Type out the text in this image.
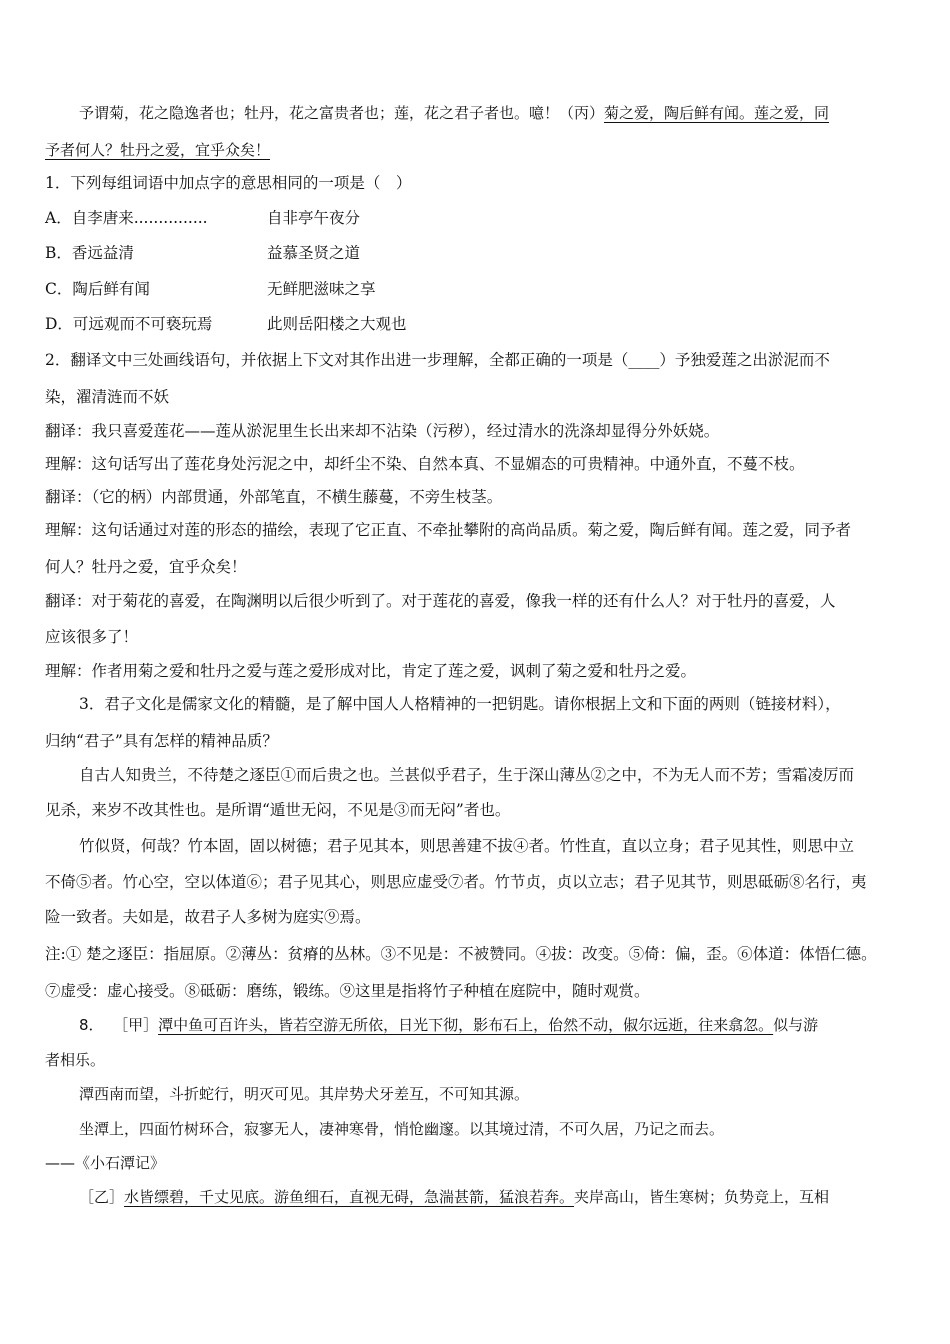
予谓菊，花之隐逸者也；牡丹，花之富贵者也；莲，花之君子者也。噫！（丙）菊之爱，陶后鲜有闻。莲之爱，同
予者何人？牡丹之爱，宜乎众矣！
1．下列每组词语中加点字的意思相同的一项是（　）
A．自李唐来...............	自非亭午夜分
B．香远益清	益慕圣贤之道
C．陶后鲜有闻	无鲜肥滋味之享
D．可远观而不可亵玩焉	此则岳阳楼之大观也
2．翻译文中三处画线语句，并依据上下文对其作出进一步理解，全都正确的一项是（____）予独爱莲之出淤泥而不
染，濯清涟而不妖
翻译：我只喜爱莲花——莲从淤泥里生长出来却不沾染（污秽），经过清水的洗涤却显得分外妖娆。
理解：这句话写出了莲花身处污泥之中，却纤尘不染、自然本真、不显媚态的可贵精神。中通外直，不蔓不枝。
翻译：（它的柄）内部贯通，外部笔直，不横生藤蔓，不旁生枝茎。
理解：这句话通过对莲的形态的描绘，表现了它正直、不牵扯攀附的高尚品质。菊之爱，陶后鲜有闻。莲之爱，同予者
何人？牡丹之爱，宜乎众矣！
翻译：对于菊花的喜爱，在陶渊明以后很少听到了。对于莲花的喜爱，像我一样的还有什么人？对于牡丹的喜爱，人
应该很多了！
理解：作者用菊之爱和牡丹之爱与莲之爱形成对比，肯定了莲之爱，讽刺了菊之爱和牡丹之爱。
3．君子文化是儒家文化的精髓，是了解中国人人格精神的一把钥匙。请你根据上文和下面的两则（链接材料），
归纳“君子”具有怎样的精神品质？
自古人知贵兰，不待楚之逐臣①而后贵之也。兰甚似乎君子，生于深山薄丛②之中，不为无人而不芳；雪霜凌厉而
见杀，来岁不改其性也。是所谓“遁世无闷，不见是③而无闷”者也。
竹似贤，何哉？竹本固，固以树德；君子见其本，则思善建不拔④者。竹性直，直以立身；君子见其性，则思中立
不倚⑤者。竹心空，空以体道⑥；君子见其心，则思应虚受⑦者。竹节贞，贞以立志；君子见其节，则思砥砺⑧名行，夷
险一致者。夫如是，故君子人多树为庭实⑨焉。
注:① 楚之逐臣：指屈原。②薄丛：贫瘠的丛林。③不见是：不被赞同。④拔：改变。⑤倚：偏，歪。⑥体道：体悟仁德。
⑦虚受：虚心接受。⑧砥砺：磨练，锻练。⑨这里是指将竹子种植在庭院中，随时观赏。
8． ［甲］潭中鱼可百许头，皆若空游无所依，日光下彻，影布石上，佁然不动，俶尔远逝，往来翕忽。似与游
者相乐。
潭西南而望，斗折蛇行，明灭可见。其岸势犬牙差互，不可知其源。
坐潭上，四面竹树环合，寂寥无人，凄神寒骨，悄怆幽邃。以其境过清，不可久居，乃记之而去。
——《小石潭记》
［乙］水皆缥碧，千丈见底。游鱼细石，直视无碍，急湍甚箭，猛浪若奔。夹岸高山，皆生寒树；负势竞上，互相
